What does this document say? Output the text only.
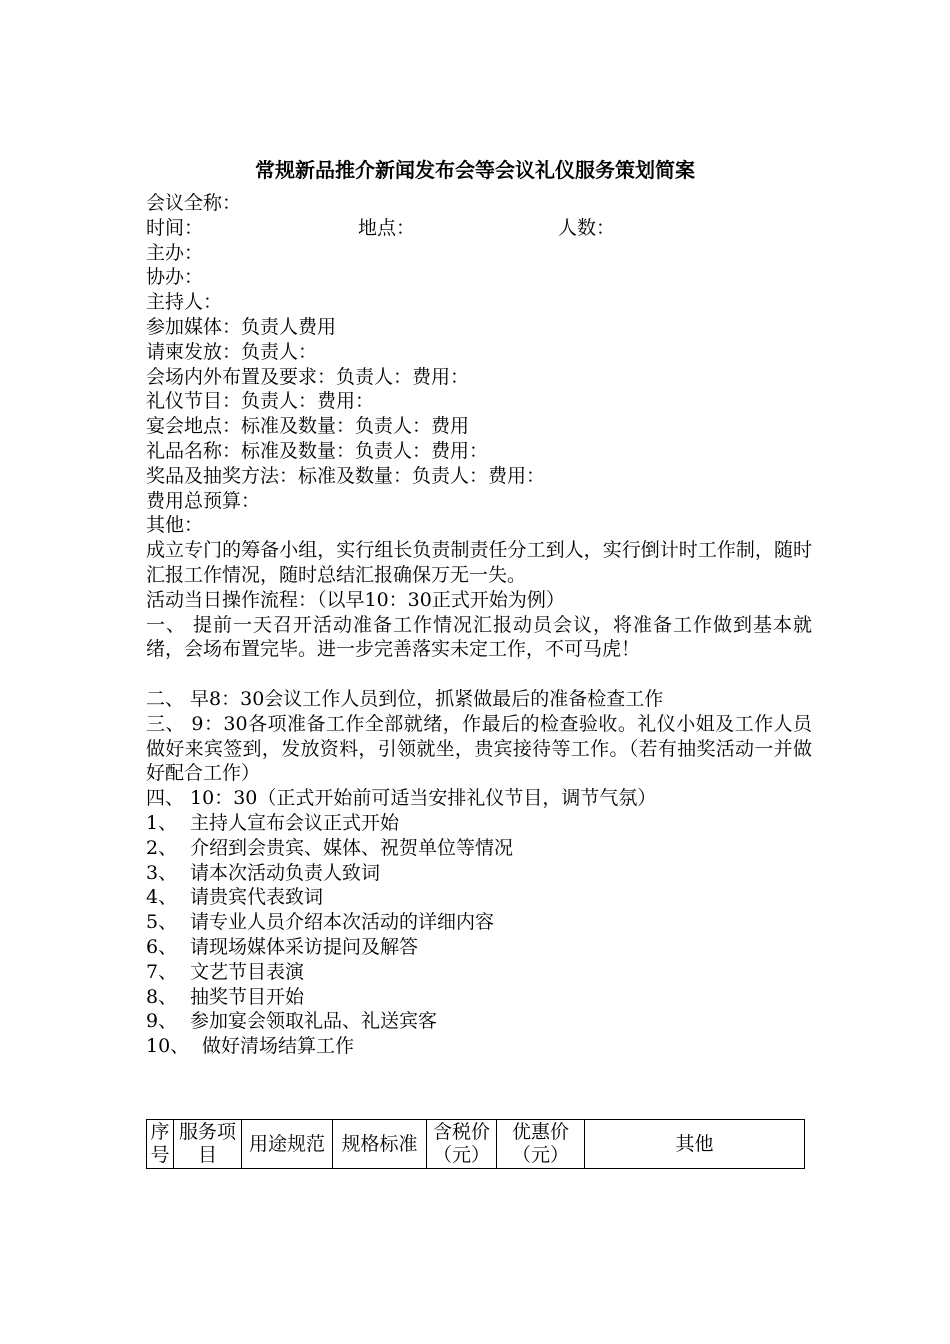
常规新品推介新闻发布会等会议礼仪服务策划简案
会议全称：
时间：	地点：	人数：
主办：
协办：
主持人：
参加媒体：负责人费用
请柬发放：负责人：
会场内外布置及要求：负责人：费用：
礼仪节目：负责人：费用：
宴会地点：标准及数量：负责人：费用
礼品名称：标准及数量：负责人：费用：
奖品及抽奖方法：标准及数量：负责人：费用：
费用总预算：
其他：
成立专门的筹备小组，实行组长负责制责任分工到人，实行倒计时工作制，随时汇报工作情况，随时总结汇报确保万无一失。
活动当日操作流程：（以早10：30正式开始为例）
一、 提前一天召开活动准备工作情况汇报动员会议，将准备工作做到基本就绪，会场布置完毕。进一步完善落实未定工作，不可马虎！
二、 早8：30会议工作人员到位，抓紧做最后的准备检查工作
三、 9：30各项准备工作全部就绪，作最后的检查验收。礼仪小姐及工作人员做好来宾签到，发放资料，引领就坐，贵宾接待等工作。（若有抽奖活动一并做好配合工作）
四、 10：30（正式开始前可适当安排礼仪节目，调节气氛）
1、 主持人宣布会议正式开始
2、 介绍到会贵宾、媒体、祝贺单位等情况
3、 请本次活动负责人致词
4、 请贵宾代表致词
5、 请专业人员介绍本次活动的详细内容
6、 请现场媒体采访提问及解答
7、 文艺节目表演
8、 抽奖节目开始
9、 参加宴会领取礼品、礼送宾客
10、 做好清场结算工作
序号	服务项目	用途规范	规格标准	含税价（元）	优惠价（元）	其他
